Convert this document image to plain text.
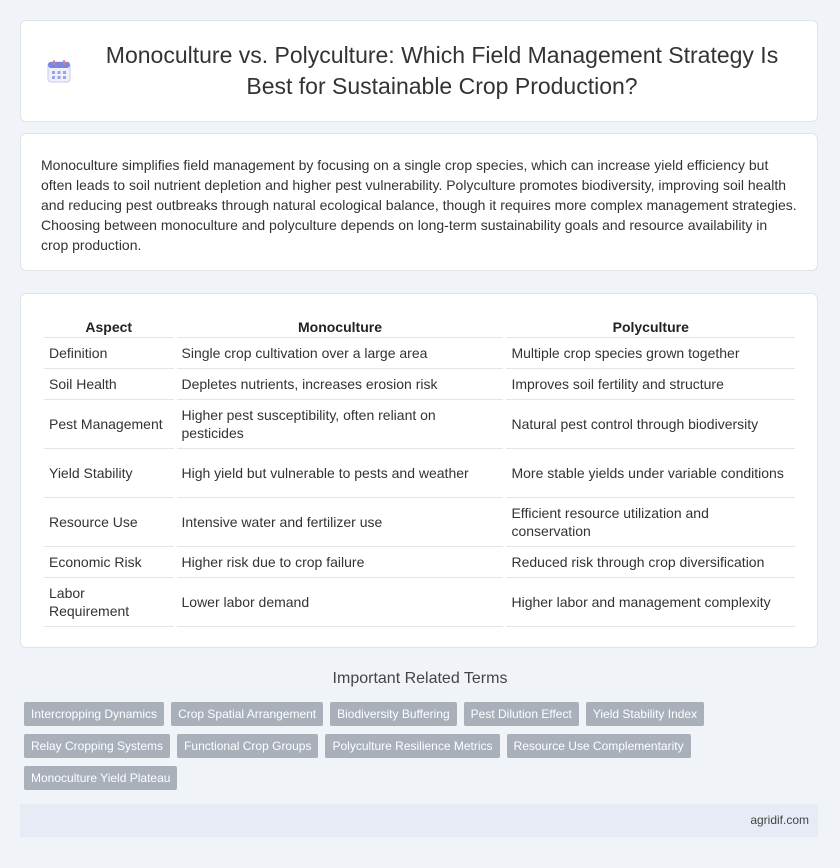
Monoculture vs. Polyculture: Which Field Management Strategy Is Best for Sustainable Crop Production?

Monoculture simplifies field management by focusing on a single crop species, which can increase yield efficiency but often leads to soil nutrient depletion and higher pest vulnerability. Polyculture promotes biodiversity, improving soil health and reducing pest outbreaks through natural ecological balance, though it requires more complex management strategies. Choosing between monoculture and polyculture depends on long-term sustainability goals and resource availability in crop production.

Aspect	Monoculture	Polyculture
Definition	Single crop cultivation over a large area	Multiple crop species grown together
Soil Health	Depletes nutrients, increases erosion risk	Improves soil fertility and structure
Pest Management	Higher pest susceptibility, often reliant on pesticides	Natural pest control through biodiversity
Yield Stability	High yield but vulnerable to pests and weather	More stable yields under variable conditions
Resource Use	Intensive water and fertilizer use	Efficient resource utilization and conservation
Economic Risk	Higher risk due to crop failure	Reduced risk through crop diversification
Labor Requirement	Lower labor demand	Higher labor and management complexity
Important Related Terms
Intercropping Dynamics	Crop Spatial Arrangement	Biodiversity Buffering	Pest Dilution Effect	Yield Stability Index
Relay Cropping Systems	Functional Crop Groups	Polyculture Resilience Metrics	Resource Use Complementarity
Monoculture Yield Plateau
agridif.com
